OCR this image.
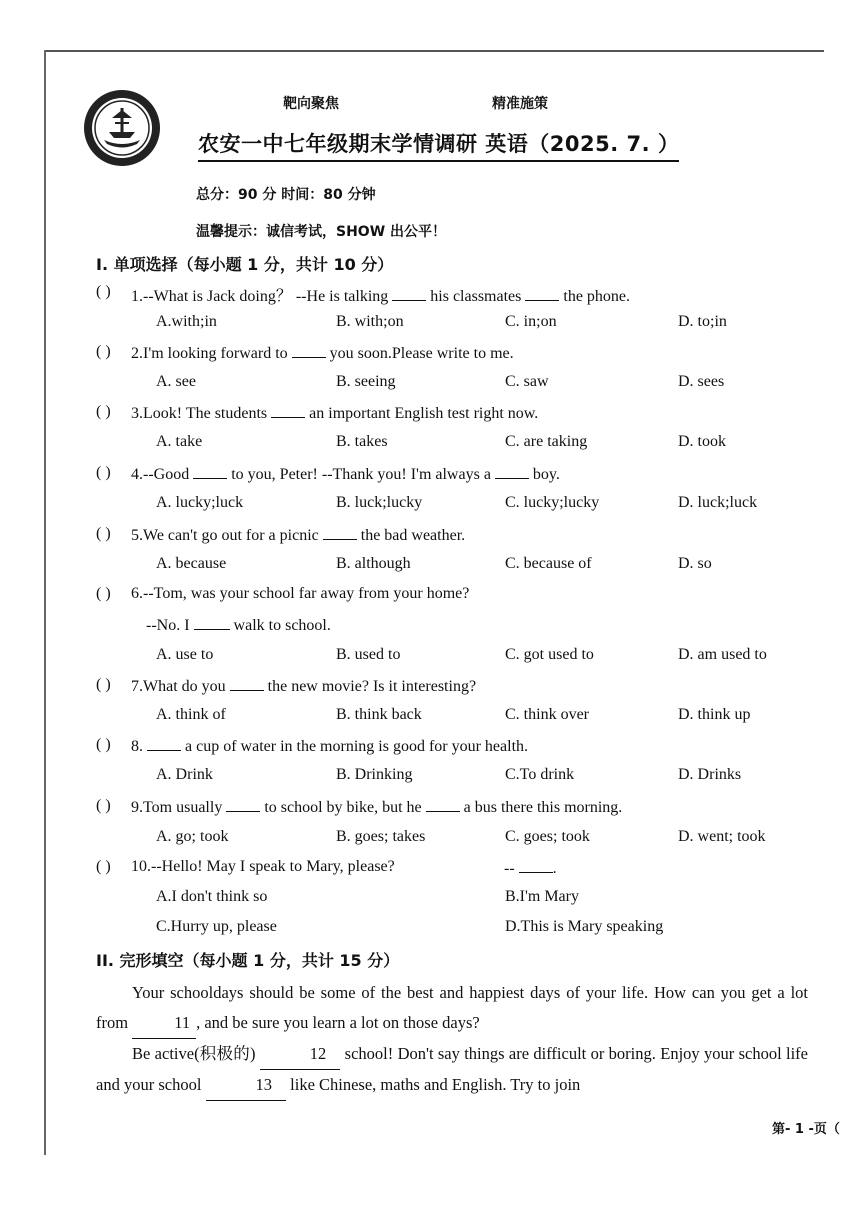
靶向聚焦	精准施策
农安一中七年级期末学情调研 英语（2025. 7. ）
总分：90 分 时间：80 分钟
温馨提示：诚信考试，SHOW 出公平！
I. 单项选择（每小题 1 分，共计 10 分）
( ) 1.--What is Jack doing？ --He is talking  his classmates  the phone.
A.with;in	B. with;on	C. in;on	D. to;in
( ) 2.I'm looking forward to  you soon.Please write to me.
A. see	B. seeing	C. saw	D. sees
( ) 3.Look! The students  an important English test right now.
A. take	B. takes	C. are taking	D. took
( ) 4.--Good  to you, Peter! --Thank you! I'm always a  boy.
A. lucky;luck	B. luck;lucky	C. lucky;lucky	D. luck;luck
( ) 5.We can't go out for a picnic  the bad weather.
A. because	B. although	C. because of	D. so
( ) 6.--Tom, was your school far away from your home?
--No. I  walk to school.
A. use to	B. used to	C. got used to	D. am used to
( ) 7.What do you  the new movie? Is it interesting?
A. think of	B. think back	C. think over	D. think up
( ) 8.  a cup of water in the morning is good for your health.
A. Drink	B. Drinking	C.To drink	D. Drinks
( ) 9.Tom usually  to school by bike, but he  a bus there this morning.
A. go; took	B. goes; takes	C. goes; took	D. went; took
( ) 10.--Hello! May I speak to Mary, please?	-- .
A.I don't think so	B.I'm Mary
C.Hurry up, please	D.This is Mary speaking
II. 完形填空（每小题 1 分，共计 15 分）
Your schooldays should be some of the best and happiest days of your life. How can you get a lot from	11 , and be sure you learn a lot on those days?
Be active(积极的)	12 school! Don't say things are difficult or boring. Enjoy your school life and your school	13 like Chinese, maths and English. Try to join
第- 1 -页（
